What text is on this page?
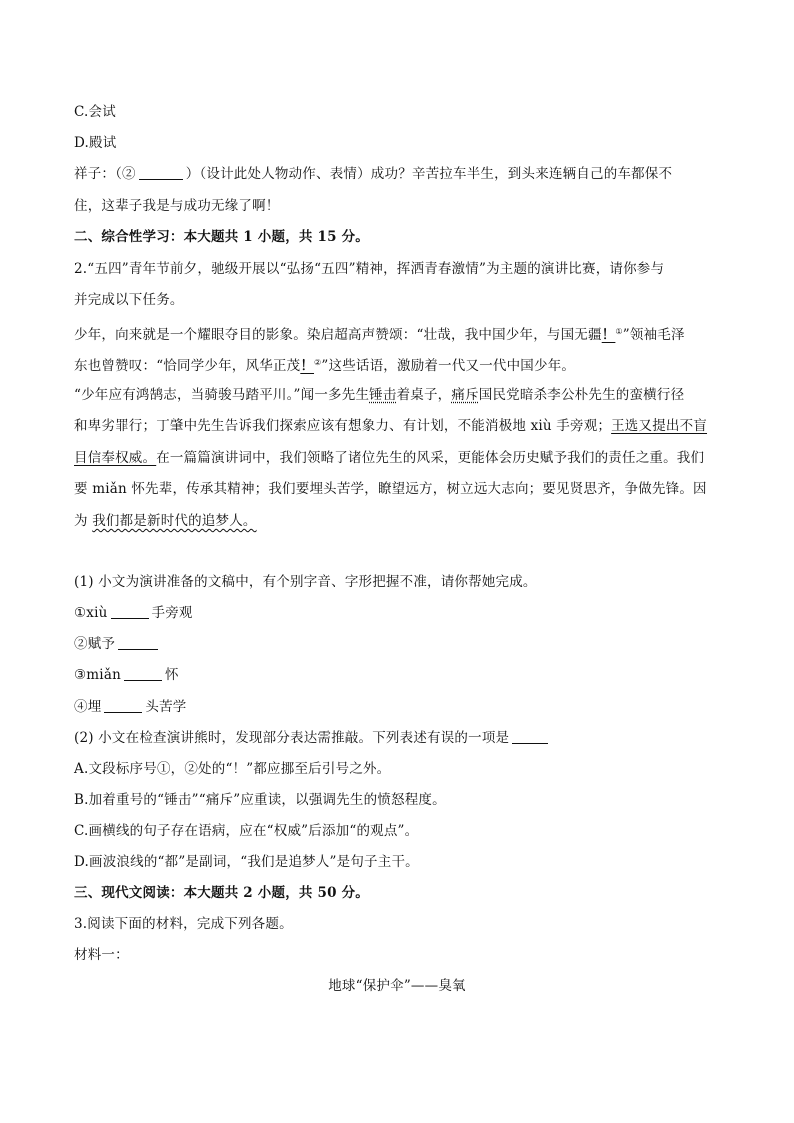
C.会试
D.殿试
祥子：（②	）（设计此处人物动作、表情）成功？辛苦拉车半生，到头来连辆自己的车都保不
住，这辈子我是与成功无缘了啊！
二、综合性学习：本大题共 1 小题，共 15 分。
2.“五四”青年节前夕，驰级开展以“弘扬“五四”精神，挥洒青春激情”为主题的演讲比赛，请你参与
并完成以下任务。
少年，向来就是一个耀眼夺目的影象。染启超高声赞颂：“壮哉，我中国少年，与国无疆！①”领袖毛泽
东也曾赞叹：“恰同学少年，风华正茂！②”这些话语，激励着一代又一代中国少年。
“少年应有鸿鹄志，当骑骏马踏平川。”闻一多先生锤击着桌子，痛斥国民党暗杀李公朴先生的蛮横行径
和卑劣罪行；丁肇中先生告诉我们探索应该有想象力、有计划，不能消极地 xiù 手旁观；王选又提出不盲
目信奉权威。在一篇篇演讲词中，我们领略了诸位先生的风采，更能体会历史赋予我们的责任之重。我们
要 miǎn 怀先辈，传承其精神；我们要埋头苦学，瞭望远方，树立远大志向；要见贤思齐，争做先锋。因
为 我们都是新时代的追梦人。
(1) 小文为演讲准备的文稿中，有个别字音、字形把握不准，请你帮她完成。
①xiù	手旁观
②赋予
③miǎn	怀
④埋	头苦学
(2) 小文在检查演讲熊时，发现部分表达需推敲。下列表述有误的一项是
A.文段标序号①，②处的“！”都应挪至后引号之外。
B.加着重号的“锤击”“痛斥”应重读，以强调先生的愤怒程度。
C.画横线的句子存在语病，应在“权威”后添加“的观点”。
D.画波浪线的“都”是副词，“我们是追梦人”是句子主干。
三、现代文阅读：本大题共 2 小题，共 50 分。
3.阅读下面的材料，完成下列各题。
材料一：
地球“保护伞”——臭氧
